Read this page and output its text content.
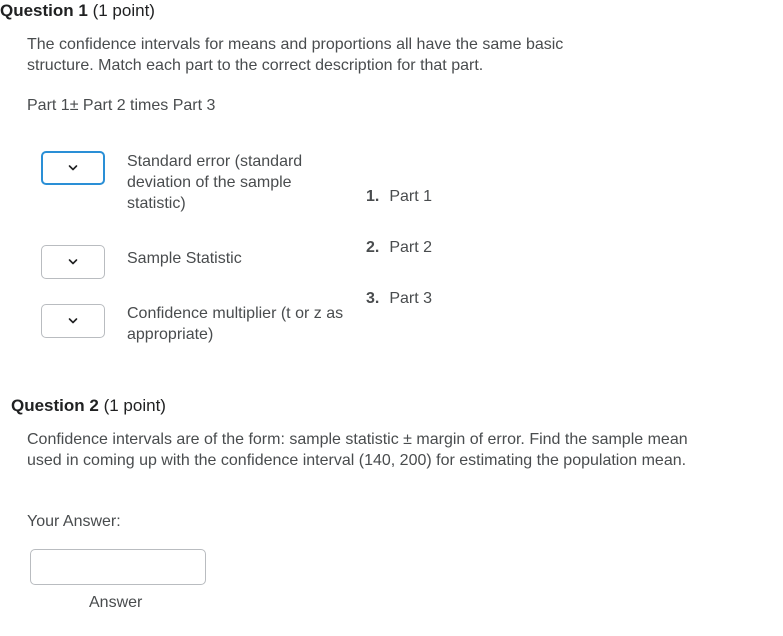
Question 1 (1 point)
The confidence intervals for means and proportions all have the same basic structure. Match each part to the correct description for that part.
Part 1± Part 2 times Part 3
Standard error (standard deviation of the sample statistic)
Sample Statistic
Confidence multiplier (t or z as appropriate)
1. Part 1
2. Part 2
3. Part 3
Question 2 (1 point)
Confidence intervals are of the form: sample statistic ± margin of error. Find the sample mean used in coming up with the confidence interval (140, 200) for estimating the population mean.
Your Answer:
Answer
